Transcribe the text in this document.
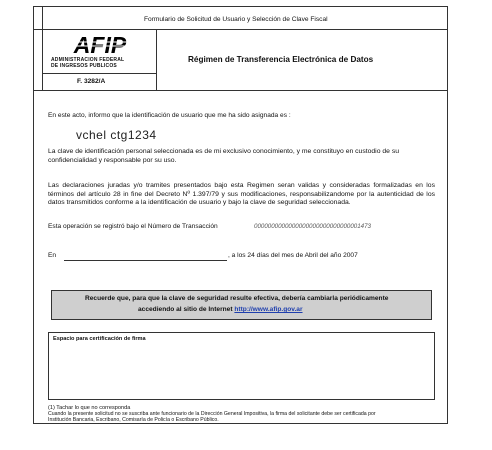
Formulario de Solicitud de Usuario y Selección de Clave Fiscal
AFIP
ADMINISTRACION FEDERAL
DE INGRESOS PUBLICOS
F. 3282/A
Régimen de Transferencia Electrónica de Datos
En este acto, informo que la identificación de usuario que me ha sido asignada es :
vchel ctg1234
La clave de identificación personal seleccionada es de mi exclusivo conocimiento, y me constituyo en custodio de su confidencialidad y responsable por su uso.
Las declaraciones juradas y/o tramites presentados bajo esta Regimen seran validas y consideradas formalizadas en los términos del artículo 28 in fine del Decreto Nº 1.397/79 y sus modificaciones, responsabilizandome por la autenticidad de los datos transmitidos conforme a la identificación de usuario y bajo la clave de seguridad seleccionada.
Esta operación se registró bajo el Número de Transacción	0000000000000000000000000000001473
En	, a los 24 días del mes de Abril del año 2007
Recuerde que, para que la clave de seguridad resulte efectiva, debería cambiarla periódicamente
accediendo al sitio de Internet http://www.afip.gov.ar
Espacio para certificación de firma
(1) Tachar lo que no corresponda
Cuando la presente solicitud no se suscriba ante funcionario de la Dirección General Impositiva, la firma del solicitante debe ser certificada por
Institución Bancaria, Escribano, Comisaría de Policía o Escribano Público.
